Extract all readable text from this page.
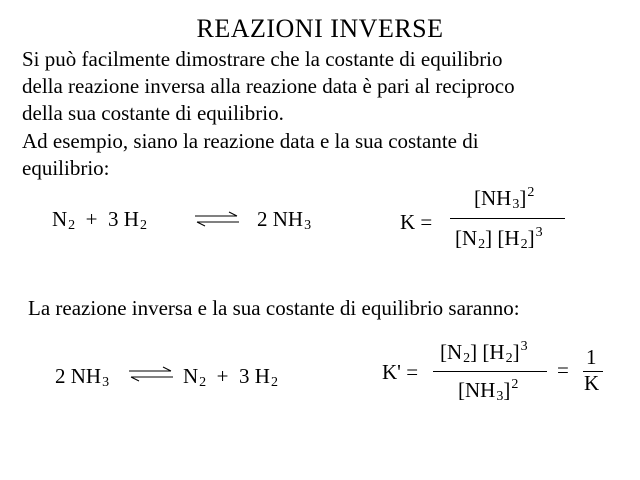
REAZIONI INVERSE
Si può facilmente dimostrare che la costante di equilibrio
della reazione inversa alla reazione data è pari al reciproco
della sua costante di equilibrio.
Ad esempio, siano la reazione data e la sua costante di
equilibrio:
N2 + 3 H2	2 NH3	K =
$[NH3]^2$
[N2] $[H2]^3$
La reazione inversa e la sua costante di equilibrio saranno:
2 NH3	N2 + 3 H2	K' =
[N2] $[H2]^3$
$[NH3]^2$
=
1
K
